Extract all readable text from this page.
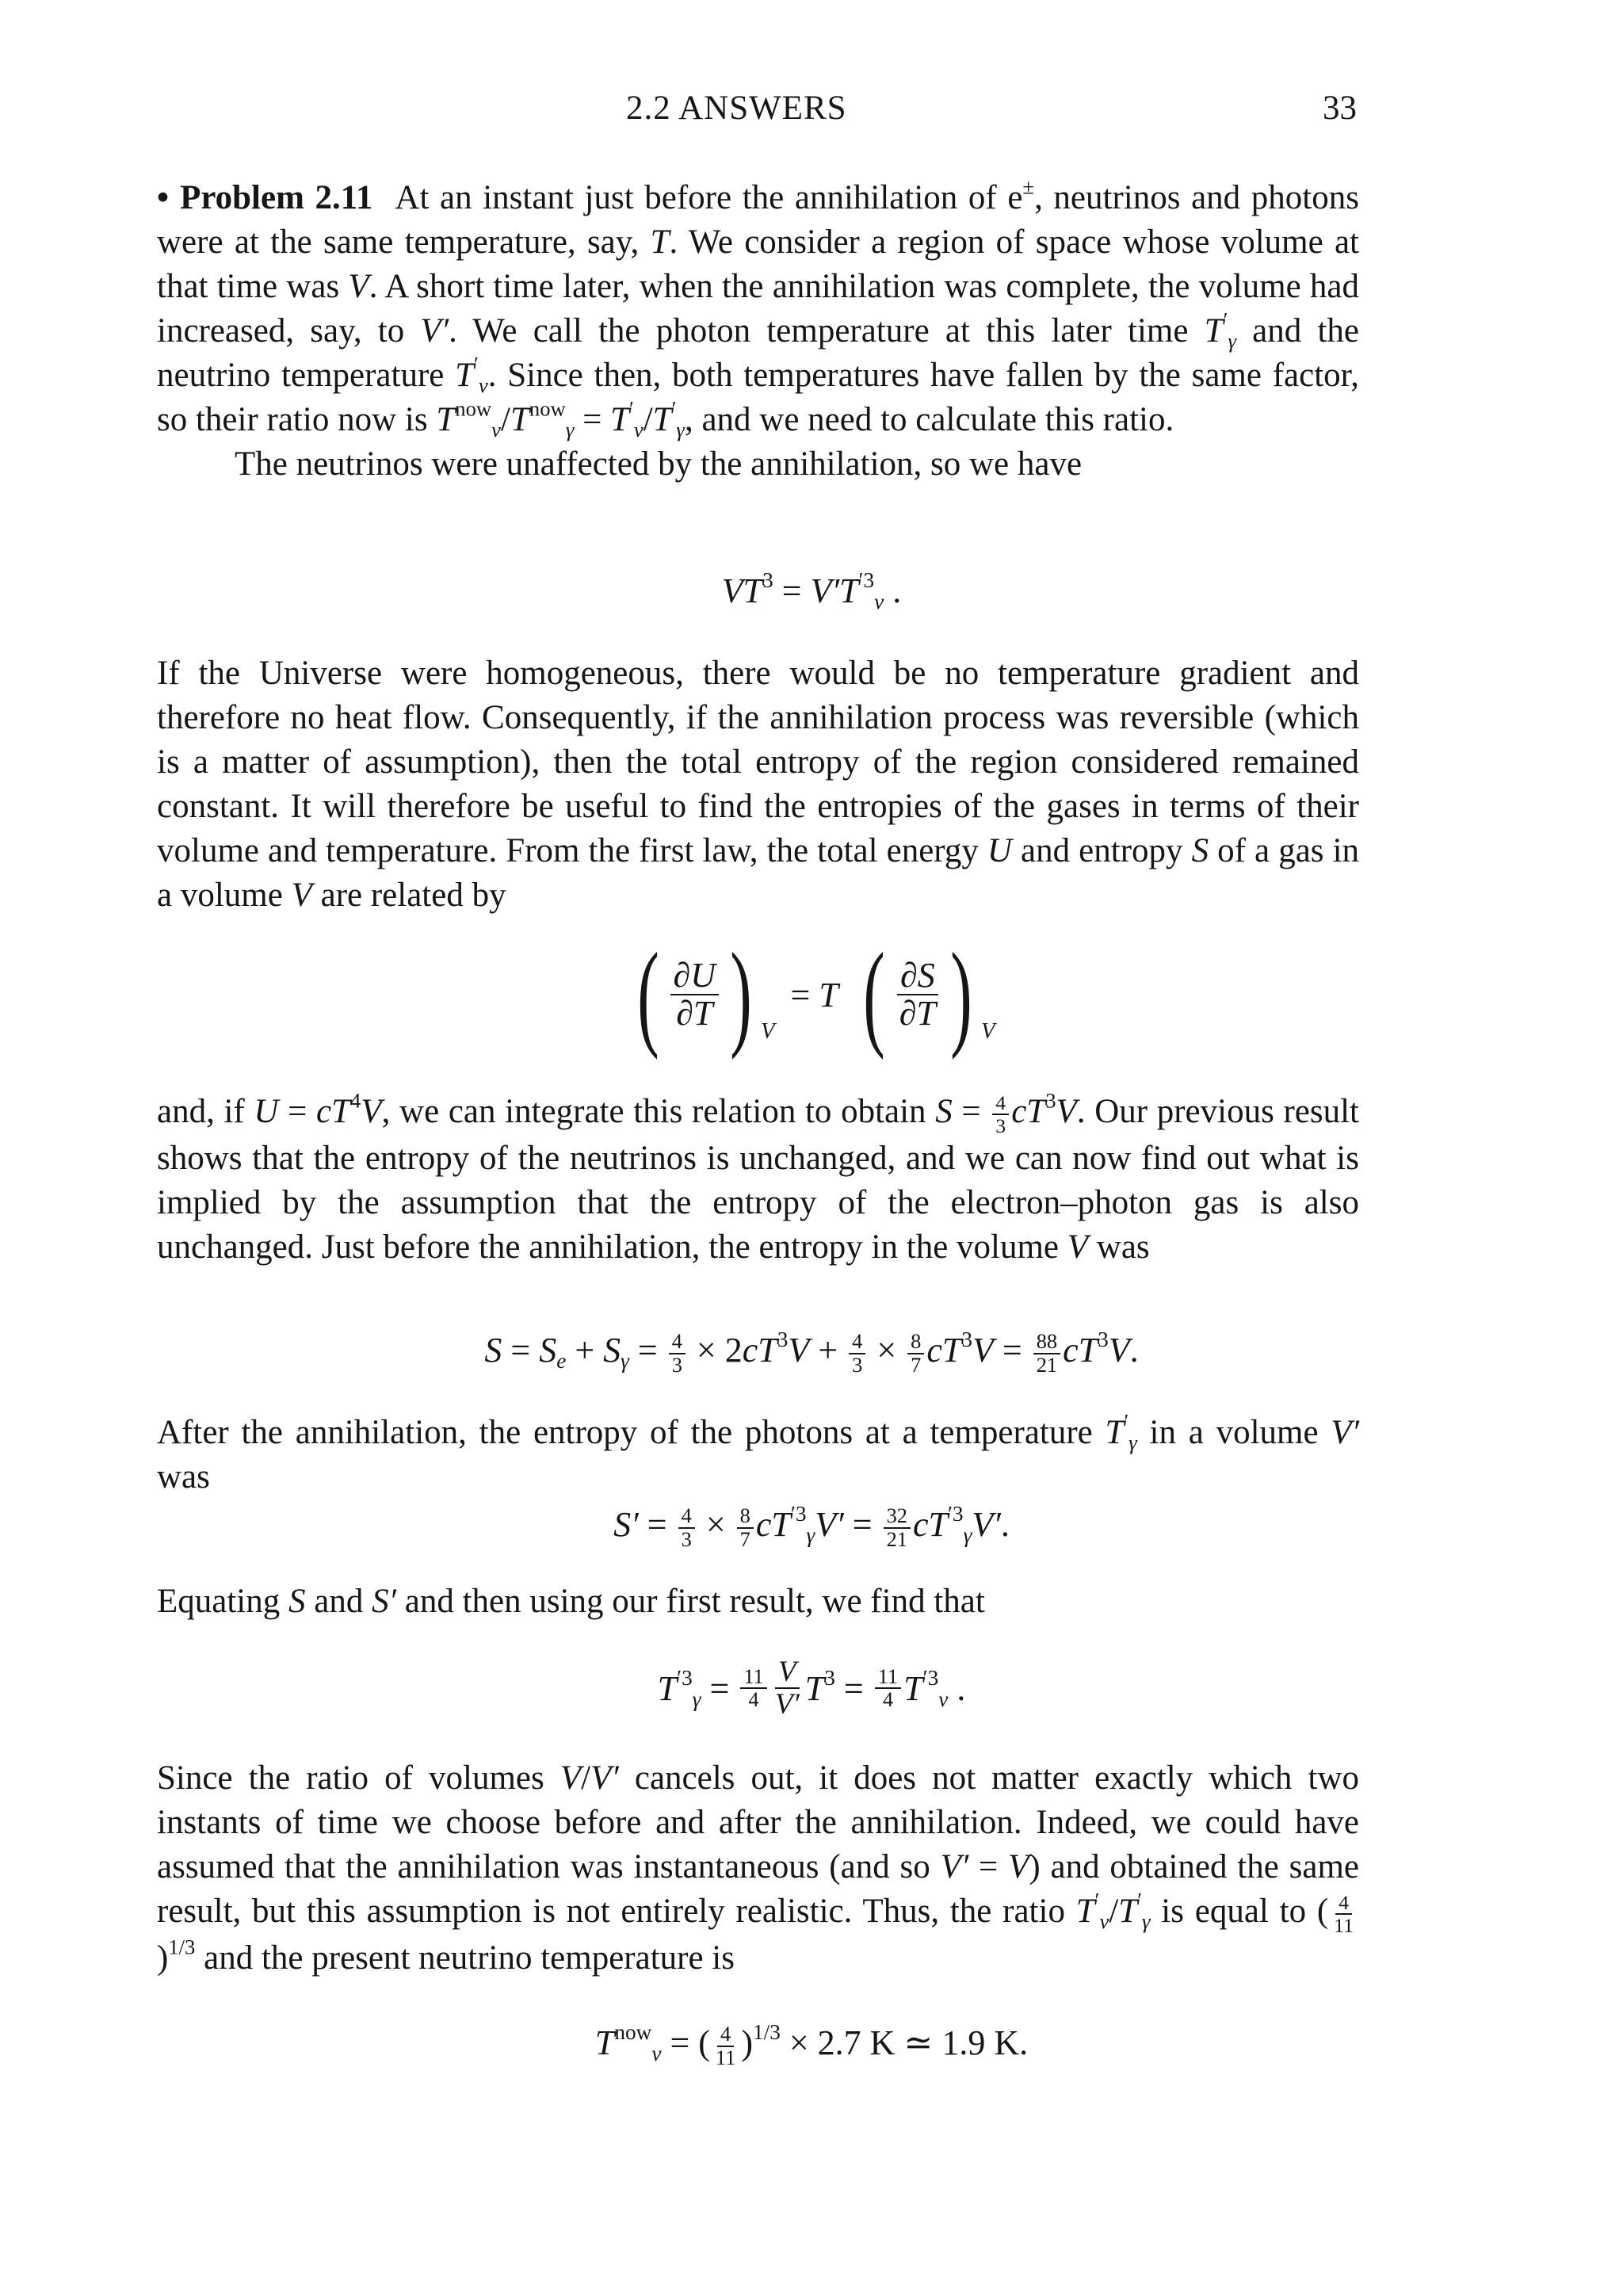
2.2 ANSWERS	33

• Problem 2.11 At an instant just before the annihilation of e±, neutrinos and photons were at the same temperature, say, T. We consider a region of space whose volume at that time was V. A short time later, when the annihilation was complete, the volume had increased, say, to V′. We call the photon temperature at this later time $T'_\gamma$ and the neutrino temperature $T'_\nu$. Since then, both temperatures have fallen by the same factor, so their ratio now is $T^{now}_\nu/T^{now}_\gamma = T'_\nu/T'_\gamma$, and we need to calculate this ratio.

The neutrinos were unaffected by the annihilation, so we have

$VT^3 = V'T^{'3}_\nu$ .

If the Universe were homogeneous, there would be no temperature gradient and therefore no heat flow. Consequently, if the annihilation process was reversible (which is a matter of assumption), then the total entropy of the region considered remained constant. It will therefore be useful to find the entropies of the gases in terms of their volume and temperature. From the first law, the total energy U and entropy S of a gas in a volume V are related by

( $\frac{\partial U}{\partial T}$ ) V
= T ( $\frac{\partial S}{\partial T}$ ) V

and, if $U = cT^4V$, we can integrate this relation to obtain $S = \frac{4}{3} cT^3V$. Our previous result shows that the entropy of the neutrinos is unchanged, and we can now find out what is implied by the assumption that the entropy of the electron–photon gas is also unchanged. Just before the annihilation, the entropy in the volume V was

$S = S_e + S_\gamma = \frac{4}{3} \times 2cT^3V + \frac{4}{3} \times \frac{8}{7} cT^3V = \frac{88}{21} cT^3V$.

After the annihilation, the entropy of the photons at a temperature $T'_\gamma$ in a volume V′ was

$S' = \frac{4}{3} \times \frac{8}{7} cT^{'3}_\gamma V' = \frac{32}{21} cT^{'3}_\gamma V'$.

Equating S and S′ and then using our first result, we find that

$T^{'3}_\gamma = \frac{11}{4} \frac{V}{V'} T^3 = \frac{11}{4} T^{'3}_\nu$ .

Since the ratio of volumes V/V′ cancels out, it does not matter exactly which two instants of time we choose before and after the annihilation. Indeed, we could have assumed that the annihilation was instantaneous (and so V′ = V) and obtained the same result, but this assumption is not entirely realistic. Thus, the ratio $T'_\nu/T'_\gamma$ is equal to ( $\frac{4}{11}$
)$^{1/3}$ and the present neutrino temperature is

$T^{now}_\nu$ = ( $\frac{4}{11} )^{1/3} \times 2.7$ K ≃ 1.9 K.
